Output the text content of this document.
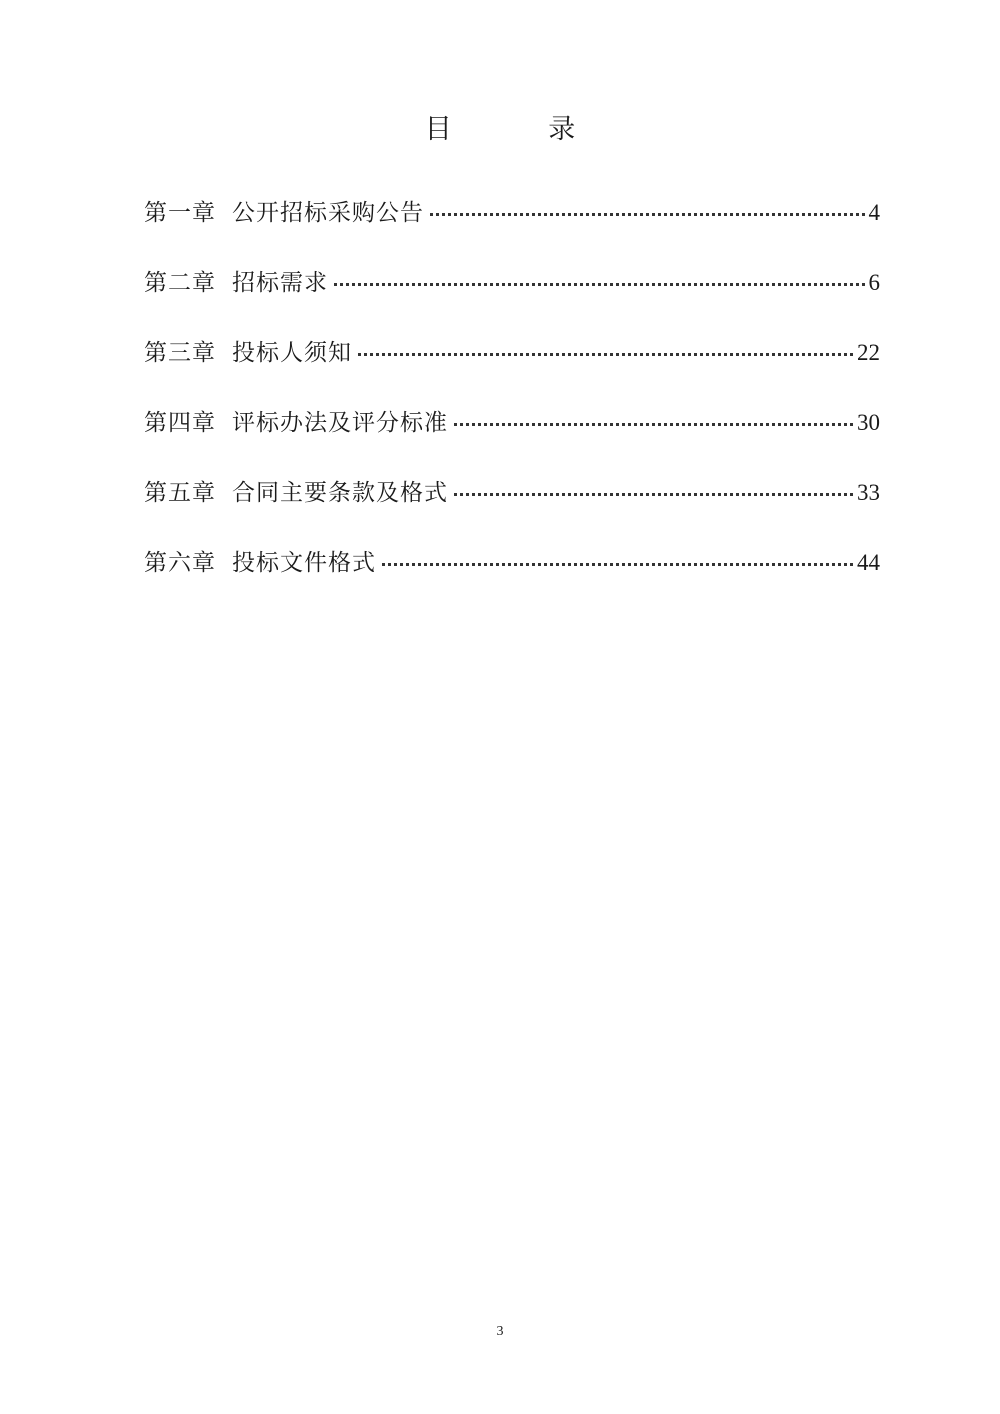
目 录
第一章 公开招标采购公告	4
第二章 招标需求	6
第三章 投标人须知	22
第四章 评标办法及评分标准	30
第五章 合同主要条款及格式	33
第六章 投标文件格式	44
3
